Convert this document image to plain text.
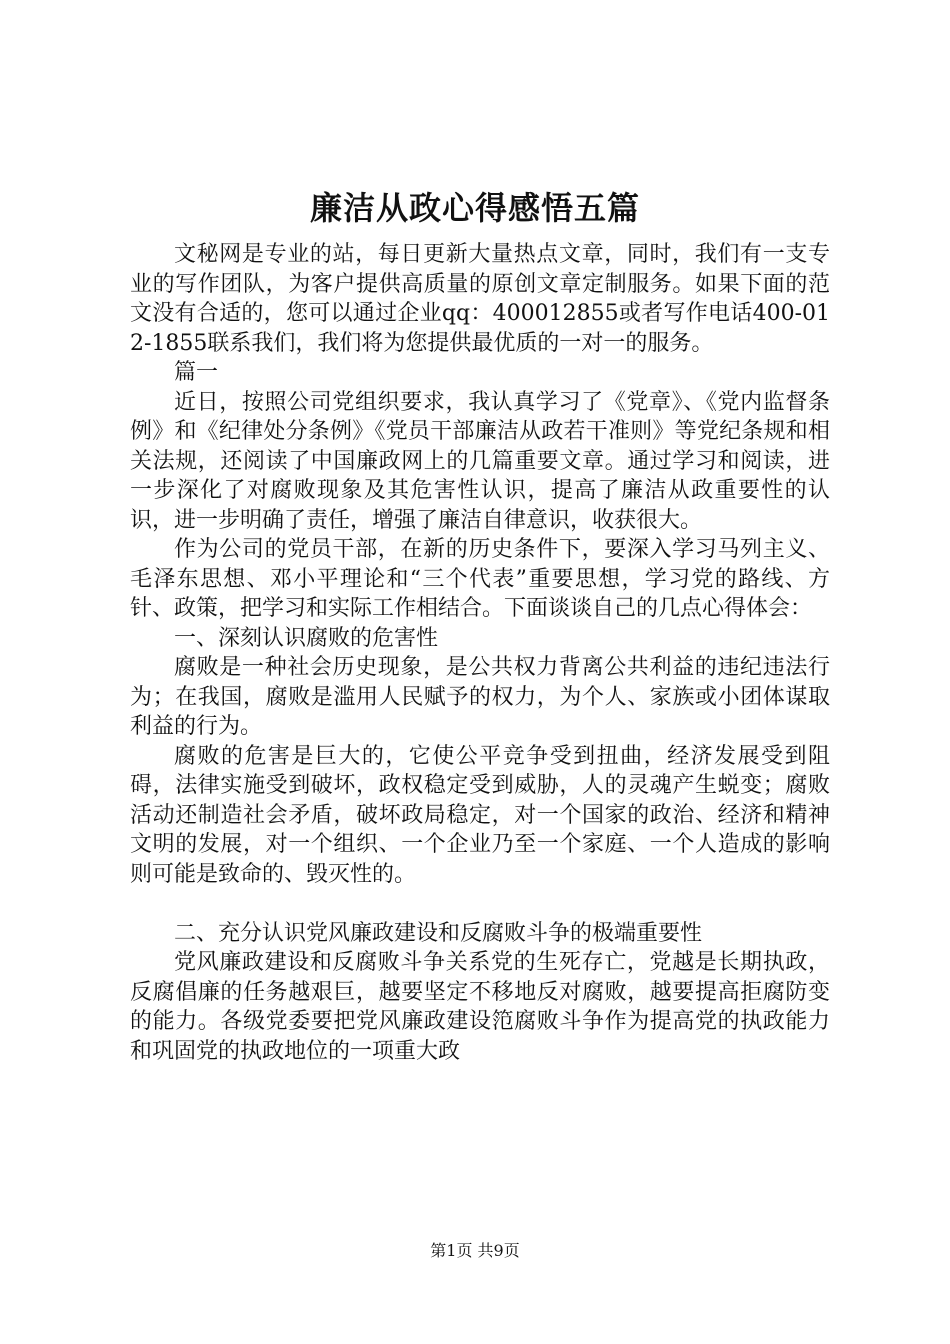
廉洁从政心得感悟五篇

文秘网是专业的站，每日更新大量热点文章，同时，我们有一支专业的写作团队，为客户提供高质量的原创文章定制服务。如果下面的范文没有合适的，您可以通过企业qq：400012855或者写作电话400-012-1855联系我们，我们将为您提供最优质的一对一的服务。

篇一

近日，按照公司党组织要求，我认真学习了《党章》、《党内监督条例》和《纪律处分条例》《党员干部廉洁从政若干准则》等党纪条规和相关法规，还阅读了中国廉政网上的几篇重要文章。通过学习和阅读，进一步深化了对腐败现象及其危害性认识，提高了廉洁从政重要性的认识，进一步明确了责任，增强了廉洁自律意识，收获很大。

作为公司的党员干部，在新的历史条件下，要深入学习马列主义、毛泽东思想、邓小平理论和“三个代表”重要思想，学习党的路线、方针、政策，把学习和实际工作相结合。下面谈谈自己的几点心得体会：

一、深刻认识腐败的危害性

腐败是一种社会历史现象，是公共权力背离公共利益的违纪违法行为；在我国，腐败是滥用人民赋予的权力，为个人、家族或小团体谋取利益的行为。

腐败的危害是巨大的，它使公平竞争受到扭曲，经济发展受到阻碍，法律实施受到破坏，政权稳定受到威胁，人的灵魂产生蜕变；腐败活动还制造社会矛盾，破坏政局稳定，对一个国家的政治、经济和精神文明的发展，对一个组织、一个企业乃至一个家庭、一个人造成的影响则可能是致命的、毁灭性的。

二、充分认识党风廉政建设和反腐败斗争的极端重要性

党风廉政建设和反腐败斗争关系党的生死存亡，党越是长期执政，反腐倡廉的任务越艰巨，越要坚定不移地反对腐败，越要提高拒腐防变的能力。各级党委要把党风廉政建设笵腐败斗争作为提高党的执政能力和巩固党的执政地位的一项重大政

第1页 共9页
